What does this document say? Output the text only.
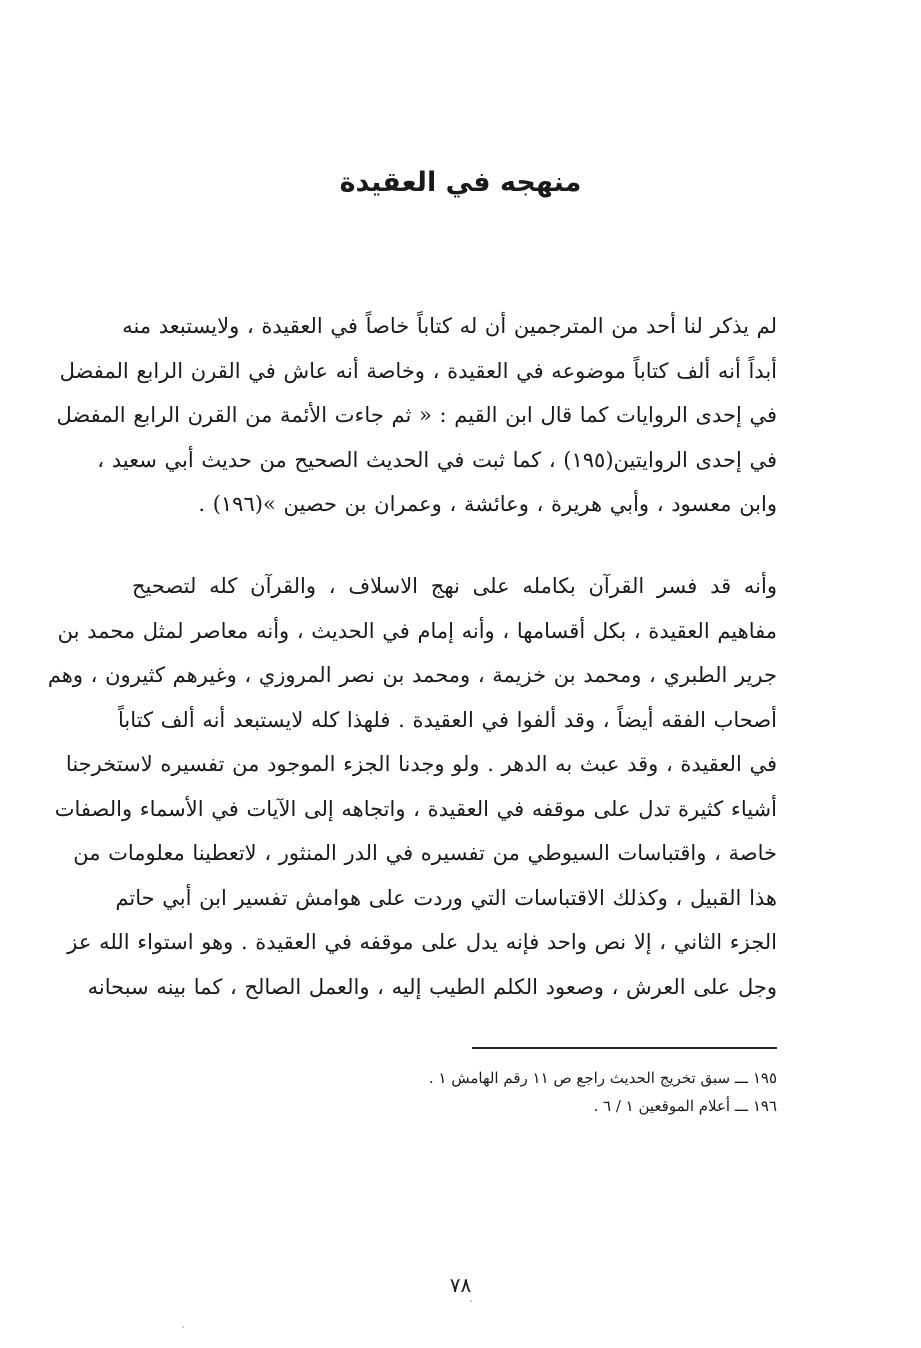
منهجه في العقيدة

لم يذكر لنا أحد من المترجمين أن له كتاباً خاصاً في العقيدة ، ولايستبعد منه
أبداً أنه ألف كتاباً موضوعه في العقيدة ، وخاصة أنه عاش في القرن الرابع المفضل
في إحدى الروايات كما قال ابن القيم : « ثم جاءت الأئمة من القرن الرابع المفضل
في إحدى الروايتين(١٩٥) ، كما ثبت في الحديث الصحيح من حديث أبي سعيد ،
وابن معسود ، وأبي هريرة ، وعائشة ، وعمران بن حصين »(١٩٦) .

وأنه قد فسر القرآن بكامله على نهج الاسلاف ، والقرآن كله لتصحيح
مفاهيم العقيدة ، بكل أقسامها ، وأنه إمام في الحديث ، وأنه معاصر لمثل محمد بن
جرير الطبري ، ومحمد بن خزيمة ، ومحمد بن نصر المروزي ، وغيرهم كثيرون ، وهم
أصحاب الفقه أيضاً ، وقد ألفوا في العقيدة . فلهذا كله لايستبعد أنه ألف كتاباً
في العقيدة ، وقد عبث به الدهر . ولو وجدنا الجزء الموجود من تفسيره لاستخرجنا
أشياء كثيرة تدل على موقفه في العقيدة ، واتجاهه إلى الآيات في الأسماء والصفات
خاصة ، واقتباسات السيوطي من تفسيره في الدر المنثور ، لاتعطينا معلومات من
هذا القبيل ، وكذلك الاقتباسات التي وردت على هوامش تفسير ابن أبي حاتم
الجزء الثاني ، إلا نص واحد فإنه يدل على موقفه في العقيدة . وهو استواء الله عز
وجل على العرش ، وصعود الكلم الطيب إليه ، والعمل الصالح ، كما بينه سبحانه

١٩٥ ـــ سبق تخريج الحديث راجع ص ١١ رقم الهامش ١ .
١٩٦ ـــ أعلام الموقعين ١ / ٦ .
٧٨
